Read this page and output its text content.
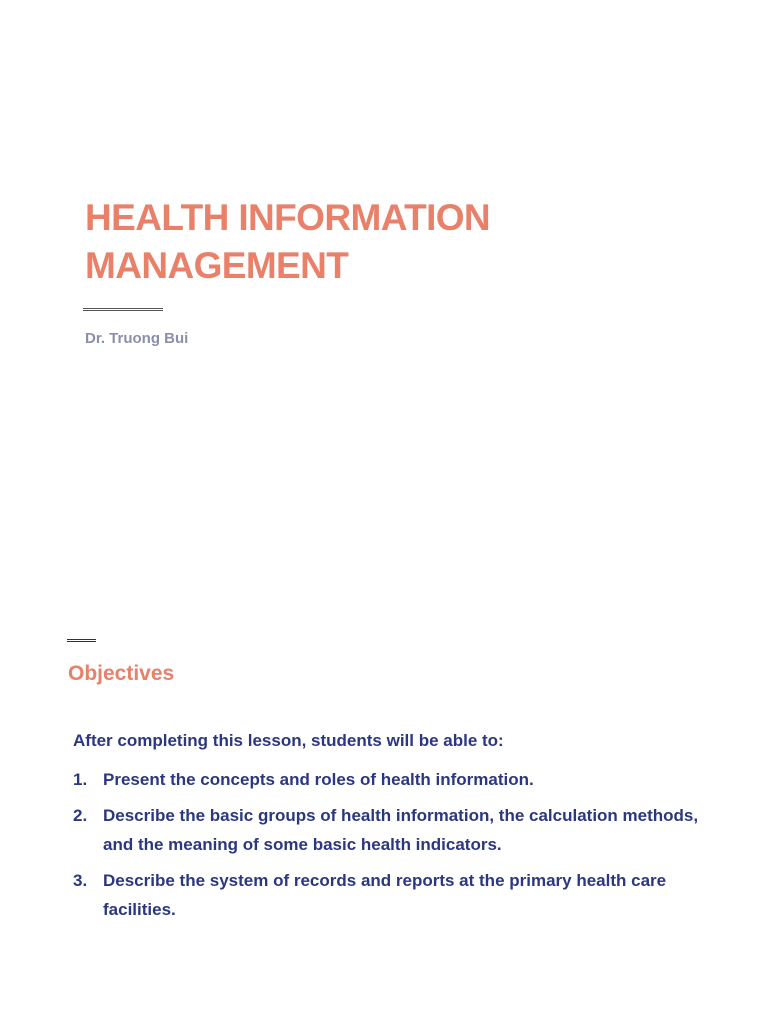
HEALTH INFORMATION
MANAGEMENT
Dr. Truong Bui
Objectives
After completing this lesson, students will be able to:
1. Present the concepts and roles of health information.
2. Describe the basic groups of health information, the calculation methods, and the meaning of some basic health indicators.
3. Describe the system of records and reports at the primary health care facilities.
